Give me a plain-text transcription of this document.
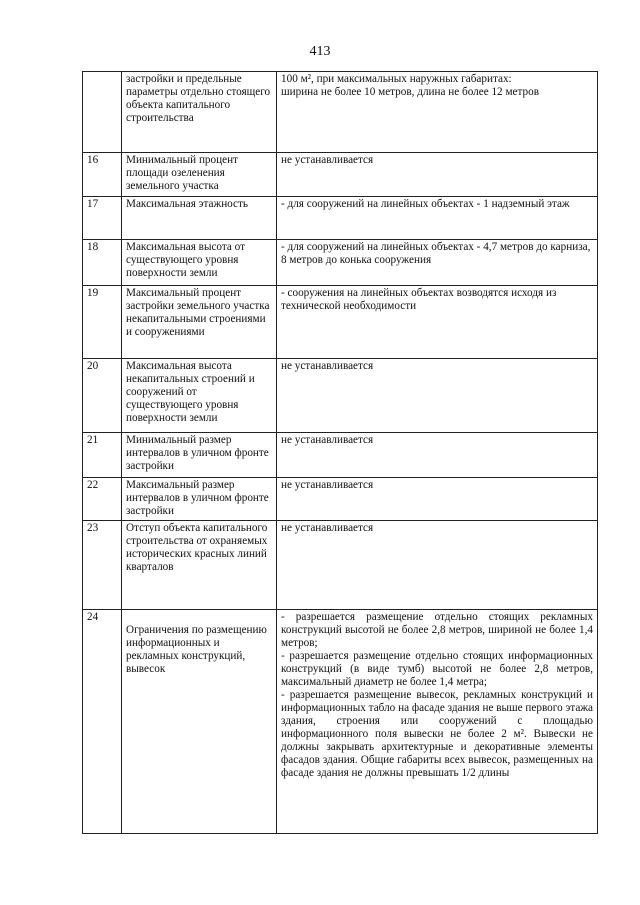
413
	застройки и предельные параметры отдельно стоящего объекта капитального строительства	100 м², при максимальных наружных габаритах:
ширина не более 10 метров, длина не более 12 метров

16	Минимальный процент площади озеленения земельного участка	не устанавливается

17	Максимальная этажность	- для сооружений на линейных объектах - 1 надземный этаж

18	Максимальная высота от существующего уровня поверхности земли	- для сооружений на линейных объектах - 4,7 метров до карниза, 8 метров до конька сооружения

19	Максимальный процент застройки земельного участка некапитальными строениями и сооружениями	- сооружения на линейных объектах возводятся исходя из технической необходимости

20	Максимальная высота некапитальных строений и сооружений от существующего уровня поверхности земли	не устанавливается

21	Минимальный размер интервалов в уличном фронте застройки	не устанавливается

22	Максимальный размер интервалов в уличном фронте застройки	не устанавливается

23	Отступ объекта капитального строительства от охраняемых исторических красных линий кварталов	не устанавливается

24	Ограничения по размещению информационных и рекламных конструкций, вывесок	- разрешается размещение отдельно стоящих рекламных конструкций высотой не более 2,8 метров, шириной не более 1,4 метров;
- разрешается размещение отдельно стоящих информационных конструкций (в виде тумб) высотой не более 2,8 метров, максимальный диаметр не более 1,4 метра;
- разрешается размещение вывесок, рекламных конструкций и информационных табло на фасаде здания не выше первого этажа здания, строения или сооружений с площадью информационного поля вывески не более 2 м². Вывески не должны закрывать архитектурные и декоративные элементы фасадов здания. Общие габариты всех вывесок, размещенных на фасаде здания не должны превышать 1/2 длины
